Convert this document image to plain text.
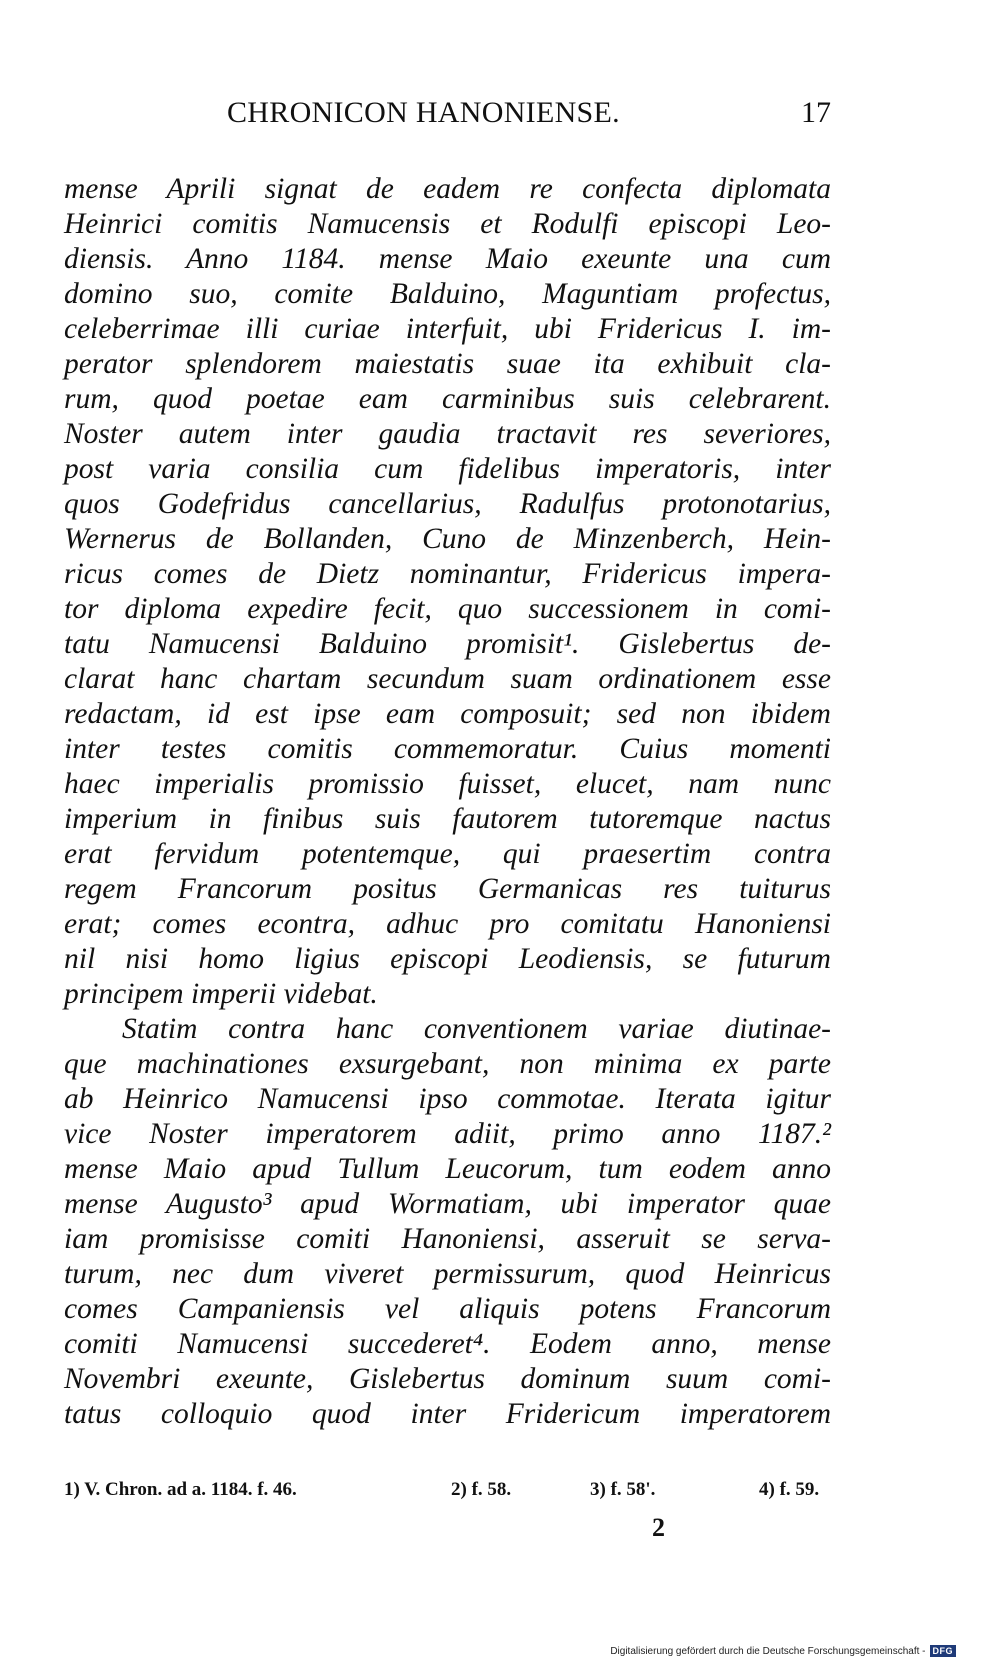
CHRONICON HANONIENSE.	17
mense Aprili signat de eadem re confecta diplomata
Heinrici comitis Namucensis et Rodulfi episcopi Leo-
diensis. Anno 1184. mense Maio exeunte una cum
domino suo, comite Balduino, Maguntiam profectus,
celeberrimae illi curiae interfuit, ubi Fridericus I. im-
perator splendorem maiestatis suae ita exhibuit cla-
rum, quod poetae eam carminibus suis celebrarent.
Noster autem inter gaudia tractavit res severiores,
post varia consilia cum fidelibus imperatoris, inter
quos Godefridus cancellarius, Radulfus protonotarius,
Wernerus de Bollanden, Cuno de Minzenberch, Hein-
ricus comes de Dietz nominantur, Fridericus impera-
tor diploma expedire fecit, quo successionem in comi-
tatu Namucensi Balduino promisit¹. Gislebertus de-
clarat hanc chartam secundum suam ordinationem esse
redactam, id est ipse eam composuit; sed non ibidem
inter testes comitis commemoratur. Cuius momenti
haec imperialis promissio fuisset, elucet, nam nunc
imperium in finibus suis fautorem tutoremque nactus
erat fervidum potentemque, qui praesertim contra
regem Francorum positus Germanicas res tuiturus
erat; comes econtra, adhuc pro comitatu Hanoniensi
nil nisi homo ligius episcopi Leodiensis, se futurum
principem imperii videbat.
Statim contra hanc conventionem variae diutinae-
que machinationes exsurgebant, non minima ex parte
ab Heinrico Namucensi ipso commotae. Iterata igitur
vice Noster imperatorem adiit, primo anno 1187.²
mense Maio apud Tullum Leucorum, tum eodem anno
mense Augusto³ apud Wormatiam, ubi imperator quae
iam promisisse comiti Hanoniensi, asseruit se serva-
turum, nec dum viveret permissurum, quod Heinricus
comes Campaniensis vel aliquis potens Francorum
comiti Namucensi succederet⁴. Eodem anno, mense
Novembri exeunte, Gislebertus dominum suum comi-
tatus colloquio quod inter Fridericum imperatorem
1) V. Chron. ad a. 1184. f. 46.	2) f. 58.	3) f. 58'.	4) f. 59.
2
Digitalisierung gefördert durch die Deutsche Forschungsgemeinschaft - DFG
